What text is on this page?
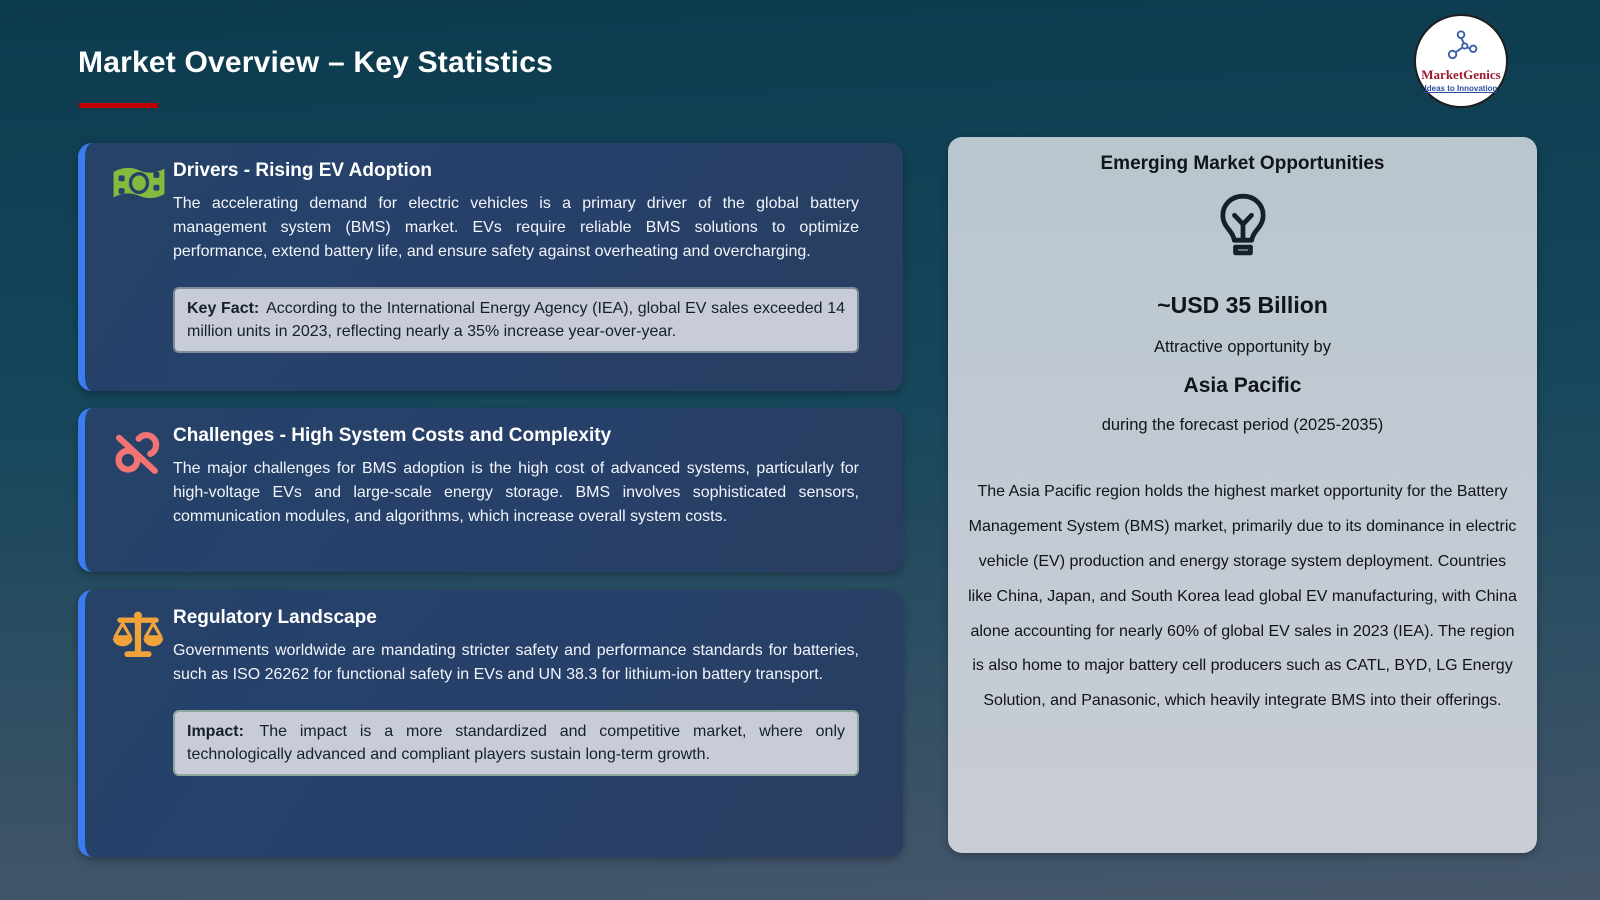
Market Overview – Key Statistics	MarketGenics
Ideas to Innovation
Drivers - Rising EV Adoption

The accelerating demand for electric vehicles is a primary driver of the global battery management system (BMS) market. EVs require reliable BMS solutions to optimize performance, extend battery life, and ensure safety against overheating and overcharging.

Key Fact: According to the International Energy Agency (IEA), global EV sales exceeded 14 million units in 2023, reflecting nearly a 35% increase year-over-year.
Challenges - High System Costs and Complexity

The major challenges for BMS adoption is the high cost of advanced systems, particularly for high-voltage EVs and large-scale energy storage. BMS involves sophisticated sensors, communication modules, and algorithms, which increase overall system costs.

Regulatory Landscape

Governments worldwide are mandating stricter safety and performance standards for batteries, such as ISO 26262 for functional safety in EVs and UN 38.3 for lithium-ion battery transport.

Impact: The impact is a more standardized and competitive market, where only technologically advanced and compliant players sustain long-term growth.
Emerging Market Opportunities
~USD 35 Billion
Attractive opportunity by
Asia Pacific
during the forecast period (2025-2035)
The Asia Pacific region holds the highest market opportunity for the Battery Management System (BMS) market, primarily due to its dominance in electric vehicle (EV) production and energy storage system deployment. Countries like China, Japan, and South Korea lead global EV manufacturing, with China alone accounting for nearly 60% of global EV sales in 2023 (IEA). The region is also home to major battery cell producers such as CATL, BYD, LG Energy Solution, and Panasonic, which heavily integrate BMS into their offerings.
